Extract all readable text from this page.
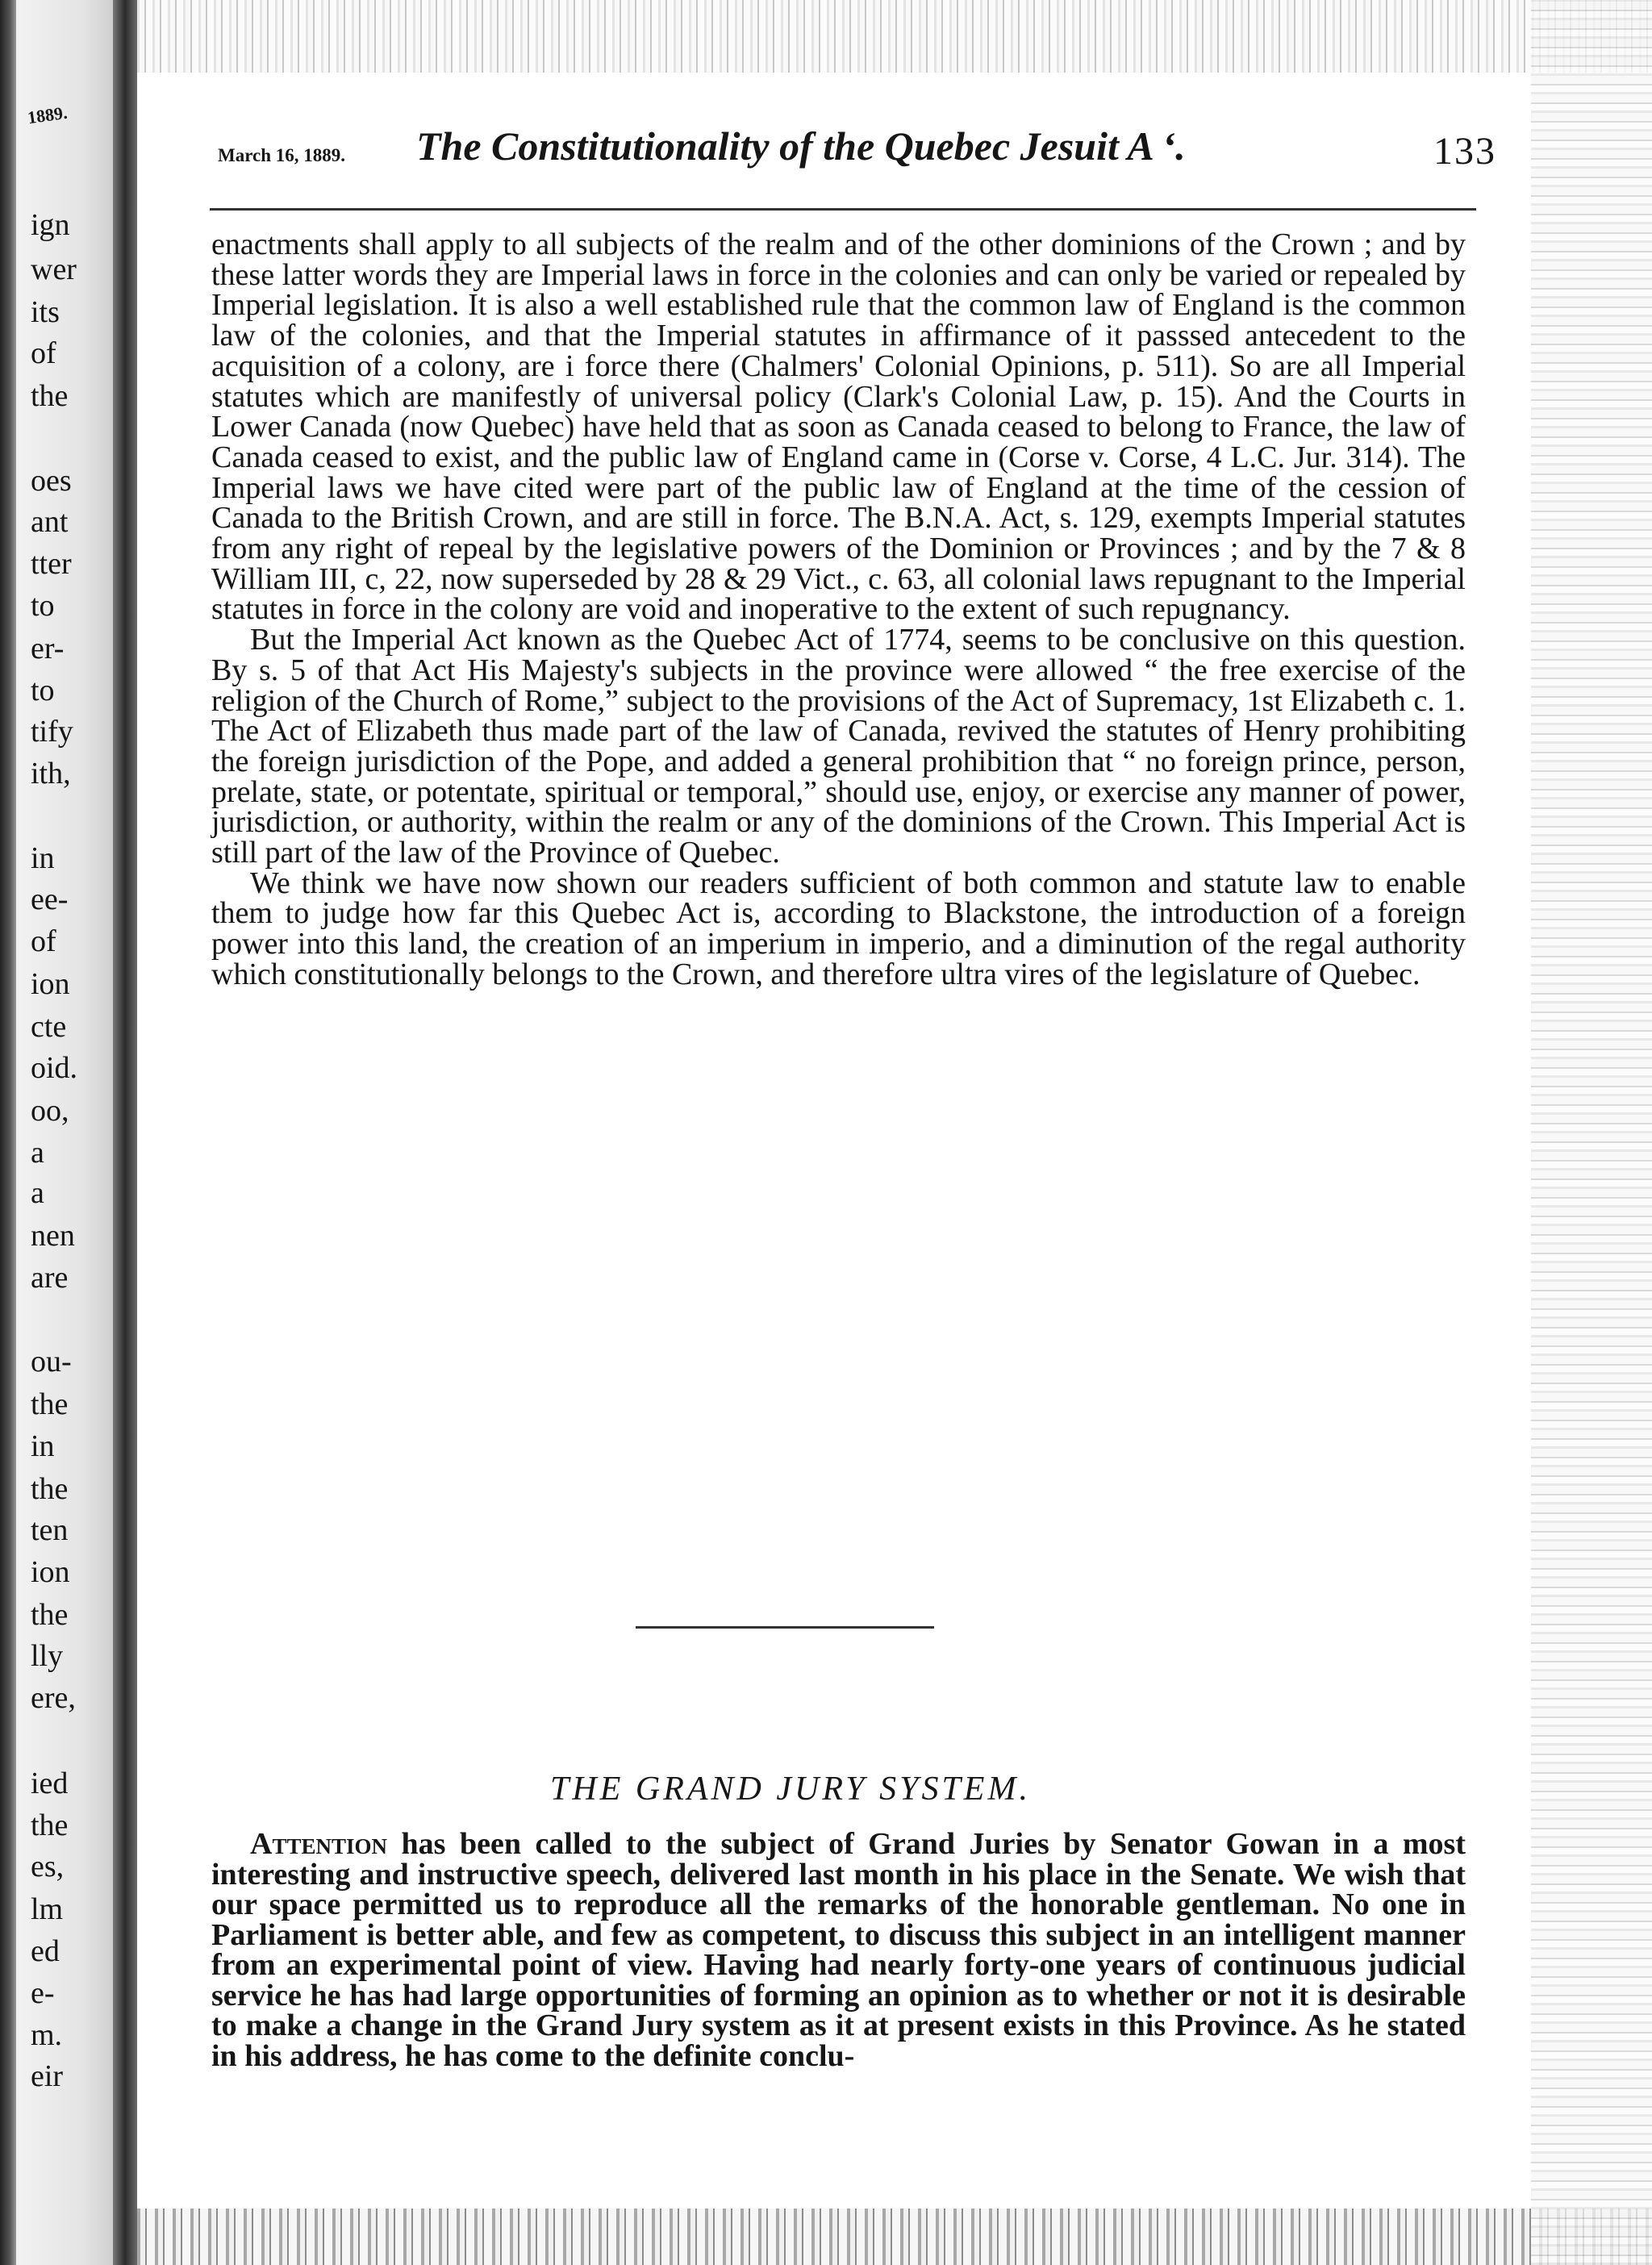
1889.
ign
wer
its
of
the
oes
ant
tter
to
er-
to
tify
ith,
in
ee-
of
ion
cte
oid.
oo,
a
a
nen
are
ou-
the
in
the
ten
ion
the
lly
ere,
ied
the
es,
lm
ed
e-
m.
eir
March 16, 1889. The Constitutionality of the Quebec Jesuit A ʻ.	133

enactments shall apply to all subjects of the realm and of the other dominions of the Crown ; and by these latter words they are Imperial laws in force in the colonies and can only be varied or repealed by Imperial legislation. It is also a well established rule that the common law of England is the common law of the colonies, and that the Imperial statutes in affirmance of it passsed antecedent to the acquisition of a colony, are i force there (Chalmers' Colonial Opinions, p. 511). So are all Imperial statutes which are manifestly of universal policy (Clark's Colonial Law, p. 15). And the Courts in Lower Canada (now Quebec) have held that as soon as Canada ceased to belong to France, the law of Canada ceased to exist, and the public law of England came in (Corse v. Corse, 4 L.C. Jur. 314). The Imperial laws we have cited were part of the public law of England at the time of the cession of Canada to the British Crown, and are still in force. The B.N.A. Act, s. 129, exempts Imperial statutes from any right of repeal by the legislative powers of the Dominion or Provinces ; and by the 7 & 8 William III, c, 22, now superseded by 28 & 29 Vict., c. 63, all colonial laws repugnant to the Imperial statutes in force in the colony are void and inoperative to the extent of such repugnancy.

But the Imperial Act known as the Quebec Act of 1774, seems to be conclusive on this question. By s. 5 of that Act His Majesty's subjects in the province were allowed “ the free exercise of the religion of the Church of Rome,” subject to the provisions of the Act of Supremacy, 1st Elizabeth c. 1. The Act of Elizabeth thus made part of the law of Canada, revived the statutes of Henry prohibiting the foreign jurisdiction of the Pope, and added a general prohibition that “ no foreign prince, person, prelate, state, or potentate, spiritual or temporal,” should use, enjoy, or exercise any manner of power, jurisdiction, or authority, within the realm or any of the dominions of the Crown. This Imperial Act is still part of the law of the Province of Quebec.

We think we have now shown our readers sufficient of both common and statute law to enable them to judge how far this Quebec Act is, according to Blackstone, the introduction of a foreign power into this land, the creation of an imperium in imperio, and a diminution of the regal authority which constitutionally belongs to the Crown, and therefore ultra vires of the legislature of Quebec.

THE GRAND JURY SYSTEM.

Attention has been called to the subject of Grand Juries by Senator Gowan in a most interesting and instructive speech, delivered last month in his place in the Senate. We wish that our space permitted us to reproduce all the remarks of the honorable gentleman. No one in Parliament is better able, and few as competent, to discuss this subject in an intelligent manner from an experimental point of view. Having had nearly forty-one years of continuous judicial service he has had large opportunities of forming an opinion as to whether or not it is desirable to make a change in the Grand Jury system as it at present exists in this Province. As he stated in his address, he has come to the definite conclu-
